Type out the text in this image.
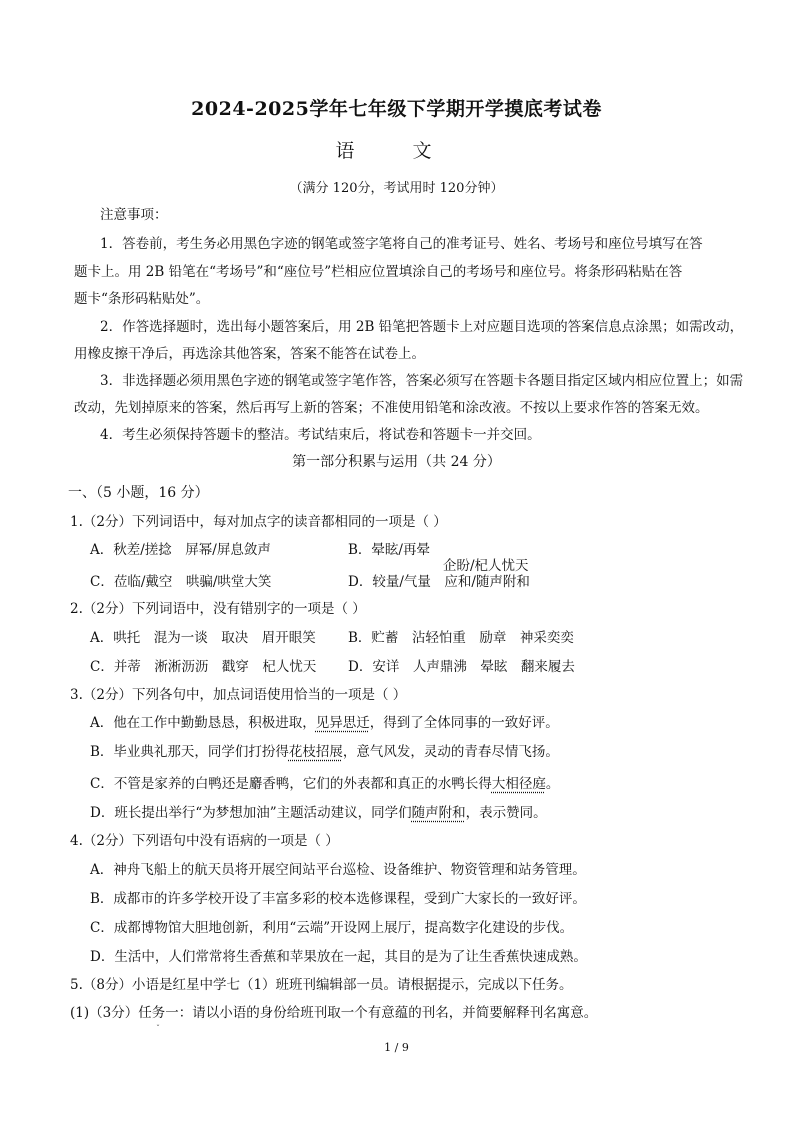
2024-2025学年七年级下学期开学摸底考试卷
语 文
（满分 120分，考试用时 120分钟）
注意事项：
1．答卷前，考生务必用黑色字迹的钢笔或签字笔将自己的准考证号、姓名、考场号和座位号填写在答
题卡上。用 2B 铅笔在“考场号”和“座位号”栏相应位置填涂自己的考场号和座位号。将条形码粘贴在答
题卡“条形码粘贴处”。
2．作答选择题时，选出每小题答案后，用 2B 铅笔把答题卡上对应题目选项的答案信息点涂黑；如需改动，
用橡皮擦干净后，再选涂其他答案，答案不能答在试卷上。
3．非选择题必须用黑色字迹的钢笔或签字笔作答，答案必须写在答题卡各题目指定区域内相应位置上；如需
改动，先划掉原来的答案，然后再写上新的答案；不准使用铅笔和涂改液。不按以上要求作答的答案无效。
4．考生必须保持答题卡的整洁。考试结束后，将试卷和答题卡一并交回。
第一部分积累与运用（共 24 分）
一、（5 小题，16 分）
1.（2分）下列词语中，每对加点字的读音都相同的一项是（ ）
A．秋差/搓捻　屏幂/屏息敛声	B．晕眩/再晕
企盼/杞人忧天
C．莅临/戴空　哄骗/哄堂大笑	D．较量/气量　应和/随声附和
2.（2分）下列词语中，没有错别字的一项是（ ）
A．哄托　混为一谈　取决　眉开眼笑 B．贮蓄　沾轻怕重　励章　神采奕奕
C．并蒂　淅淅沥沥　戳穿　杞人忧天 D．安详　人声鼎沸　晕眩　翻来履去
3.（2分）下列各句中，加点词语使用恰当的一项是（ ）
A．他在工作中勤勤恳恳，积极进取，见异思迁，得到了全体同事的一致好评。
B．毕业典礼那天，同学们打扮得花枝招展，意气风发，灵动的青春尽情飞扬。
C．不管是家养的白鸭还是麝香鸭，它们的外表都和真正的水鸭长得大相径庭。
D．班长提出举行“为梦想加油”主题活动建议，同学们随声附和，表示赞同。
4.（2分）下列语句中没有语病的一项是（ ）
A．神舟飞船上的航天员将开展空间站平台巡检、设备维护、物资管理和站务管理。
B．成都市的许多学校开设了丰富多彩的校本选修课程，受到广大家长的一致好评。
C．成都博物馆大胆地创新，利用“云端”开设网上展厅，提高数字化建设的步伐。
D．生活中，人们常常将生香蕉和苹果放在一起，其目的是为了让生香蕉快速成熟。
5.（8分）小语是红星中学七（1）班班刊编辑部一员。请根据提示，完成以下任务。
(1)（3分）任务一：请以小语的身份给班刊取一个有意蕴的刊名，并简要解释刊名寓意。
ˇ
1 / 9
